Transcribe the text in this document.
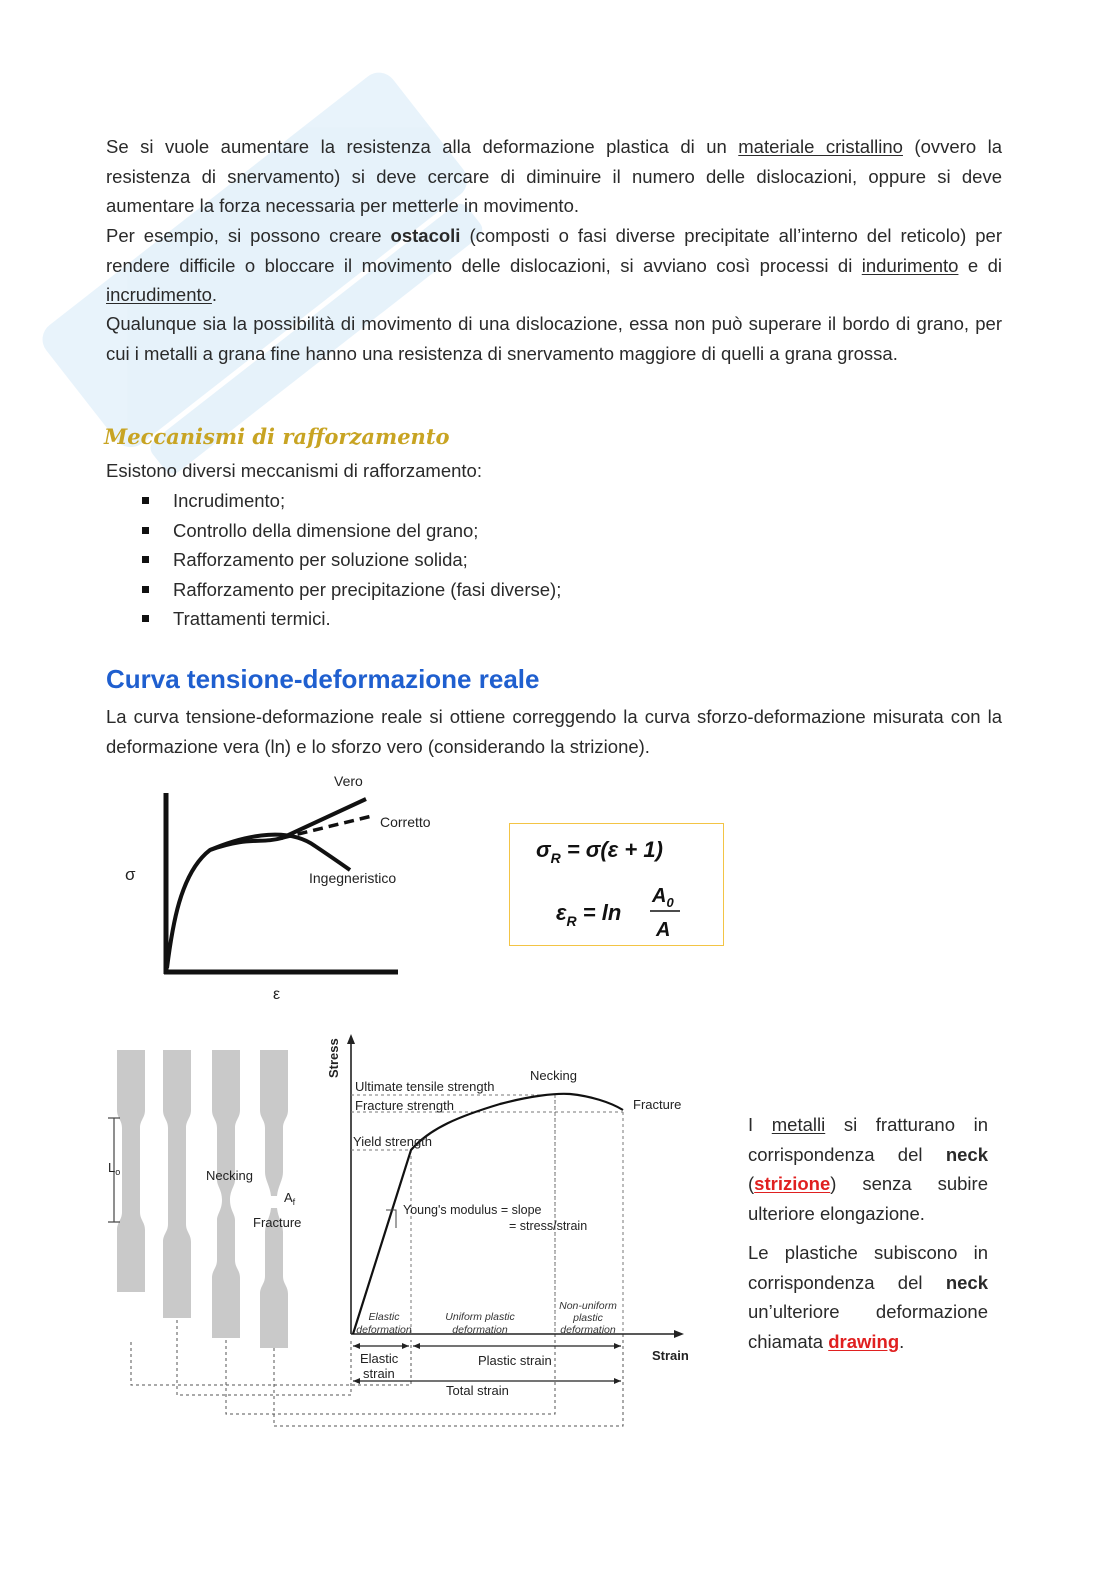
Se si vuole aumentare la resistenza alla deformazione plastica di un materiale cristallino (ovvero la resistenza di snervamento) si deve cercare di diminuire il numero delle dislocazioni, oppure si deve aumentare la forza necessaria per metterle in movimento.

Per esempio, si possono creare ostacoli (composti o fasi diverse precipitate all’interno del reticolo) per rendere difficile o bloccare il movimento delle dislocazioni, si avviano così processi di indurimento e di incrudimento.

Qualunque sia la possibilità di movimento di una dislocazione, essa non può superare il bordo di grano, per cui i metalli a grana fine hanno una resistenza di snervamento maggiore di quelli a grana grossa.

Meccanismi di rafforzamento

Esistono diversi meccanismi di rafforzamento:

Incrudimento;
Controllo della dimensione del grano;
Rafforzamento per soluzione solida;
Rafforzamento per precipitazione (fasi diverse);
Trattamenti termici.
Curva tensione-deformazione reale

La curva tensione-deformazione reale si ottiene correggendo la curva sforzo-deformazione misurata con la deformazione vera (ln) e lo sforzo vero (considerando la strizione).

σ
ε
Vero
Corretto
Ingegneristico
$\sigma_R = \sigma(\varepsilon + 1)$
$\varepsilon_R = \ln$
$A_0$
A
$L_o$	Necking
$A_f$
Fracture
Stress
Strain
Ultimate tensile strength
Fracture strength
Yield strength
Necking
Fracture
Young's modulus = slope
= stress/strain
Elastic
deformation
Uniform plastic
deformation
Non-uniform
plastic
deformation
Elastic
strain
Plastic strain
Total strain

I metalli si fratturano in corrispondenza del neck (strizione) senza subire ulteriore elongazione.

Le plastiche subiscono in corrispondenza del neck un’ulteriore deformazione chiamata drawing.
